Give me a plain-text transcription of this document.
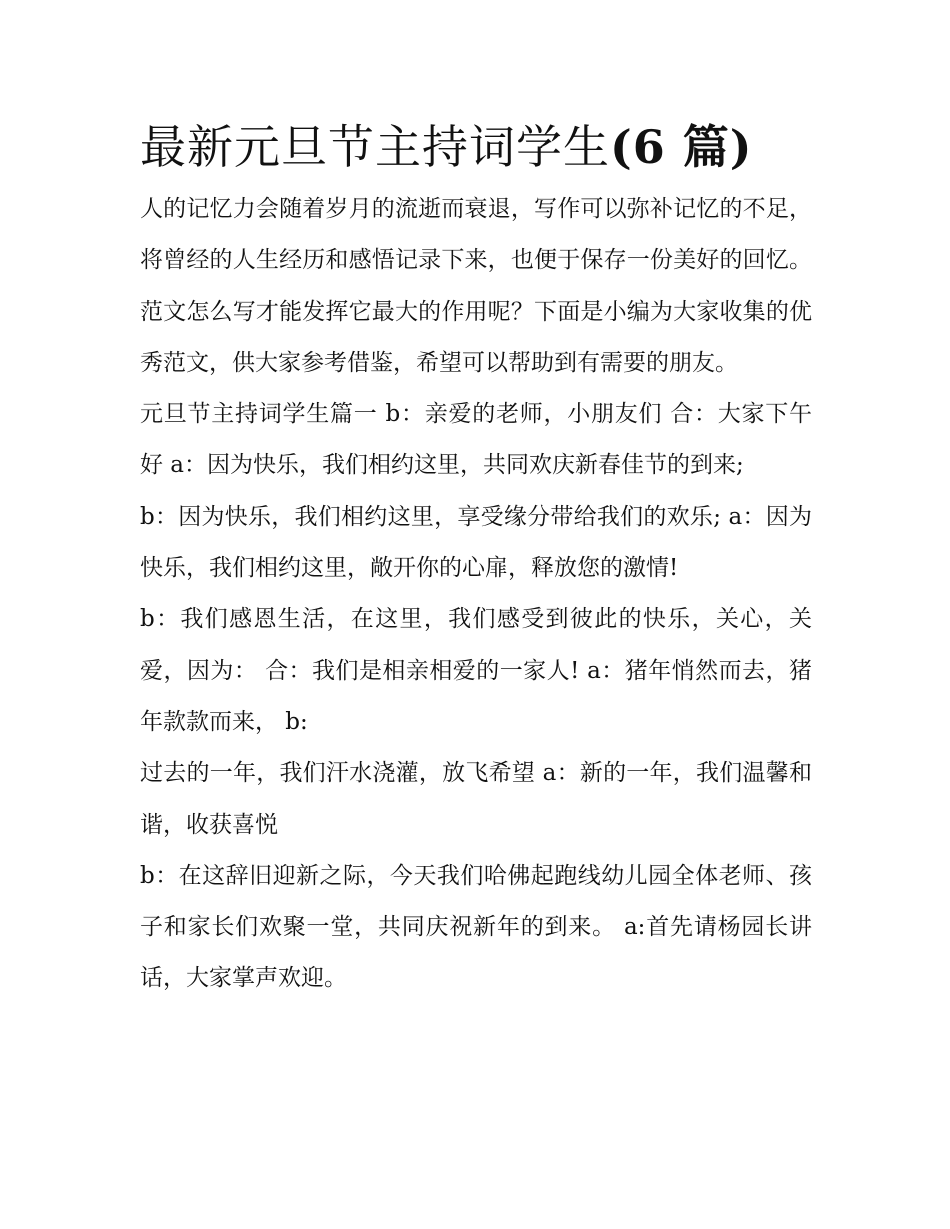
最新元旦节主持词学生(6 篇)

人的记忆力会随着岁月的流逝而衰退，写作可以弥补记忆的不足，将曾经的人生经历和感悟记录下来，也便于保存一份美好的回忆。范文怎么写才能发挥它最大的作用呢？下面是小编为大家收集的优秀范文，供大家参考借鉴，希望可以帮助到有需要的朋友。

元旦节主持词学生篇一 b：亲爱的老师，小朋友们 合：大家下午好 a：因为快乐，我们相约这里，共同欢庆新春佳节的到来;

b：因为快乐，我们相约这里，享受缘分带给我们的欢乐; a：因为快乐，我们相约这里，敞开你的心扉，释放您的激情!

b：我们感恩生活，在这里，我们感受到彼此的快乐，关心，关爱，因为： 合：我们是相亲相爱的一家人! a：猪年悄然而去，猪年款款而来， b:

过去的一年，我们汗水浇灌，放飞希望 a：新的一年，我们温馨和谐，收获喜悦

b：在这辞旧迎新之际，今天我们哈佛起跑线幼儿园全体老师、孩子和家长们欢聚一堂，共同庆祝新年的到来。 a:首先请杨园长讲话，大家掌声欢迎。
